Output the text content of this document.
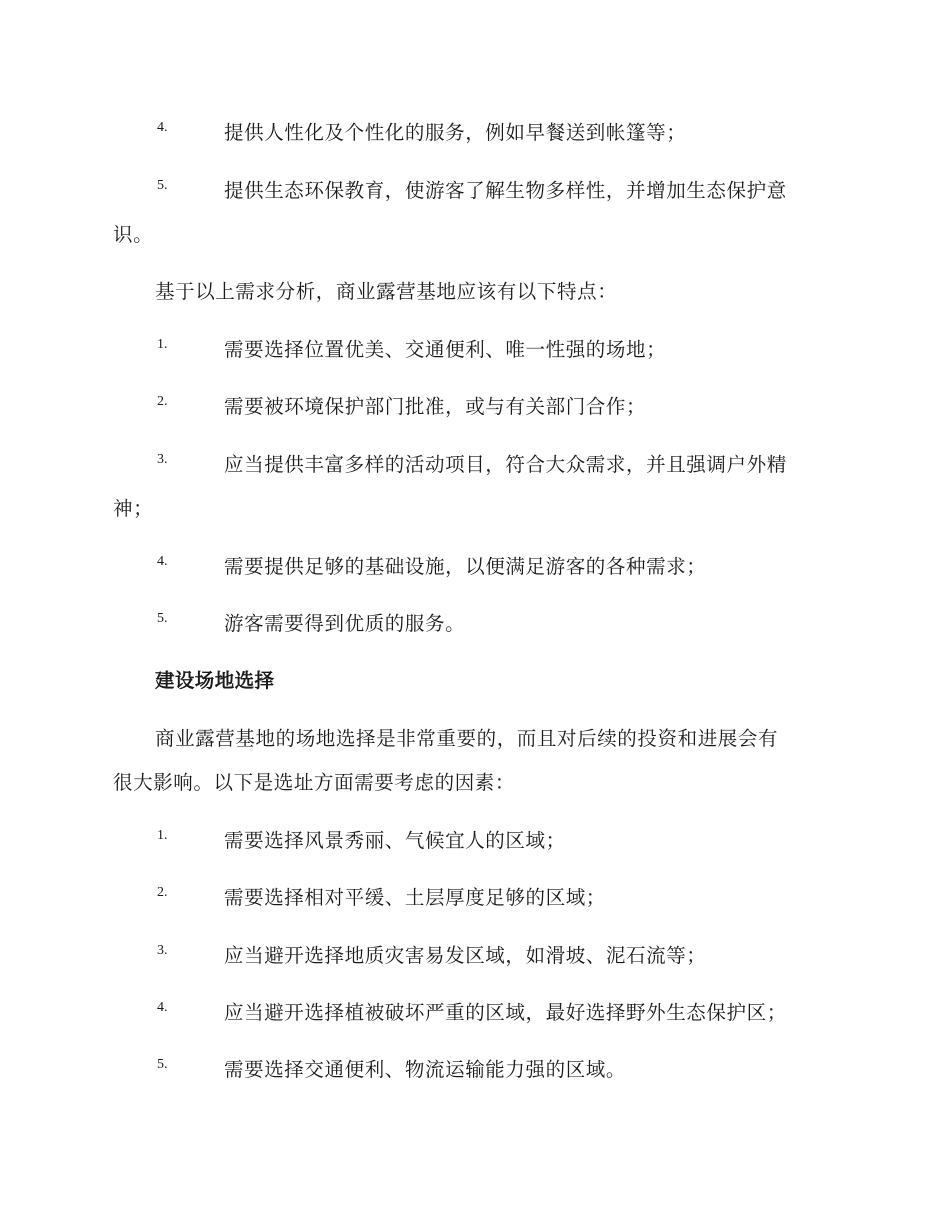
4.	提供人性化及个性化的服务，例如早餐送到帐篷等；
5.	提供生态环保教育，使游客了解生物多样性，并增加生态保护意
识。
基于以上需求分析，商业露营基地应该有以下特点：
1.	需要选择位置优美、交通便利、唯一性强的场地；
2.	需要被环境保护部门批准，或与有关部门合作；
3.	应当提供丰富多样的活动项目，符合大众需求，并且强调户外精
神；
4.	需要提供足够的基础设施，以便满足游客的各种需求；
5.	游客需要得到优质的服务。
建设场地选择
商业露营基地的场地选择是非常重要的，而且对后续的投资和进展会有
很大影响。以下是选址方面需要考虑的因素：
1.	需要选择风景秀丽、气候宜人的区域；
2.	需要选择相对平缓、土层厚度足够的区域；
3.	应当避开选择地质灾害易发区域，如滑坡、泥石流等；
4.	应当避开选择植被破坏严重的区域，最好选择野外生态保护区；
5.	需要选择交通便利、物流运输能力强的区域。
